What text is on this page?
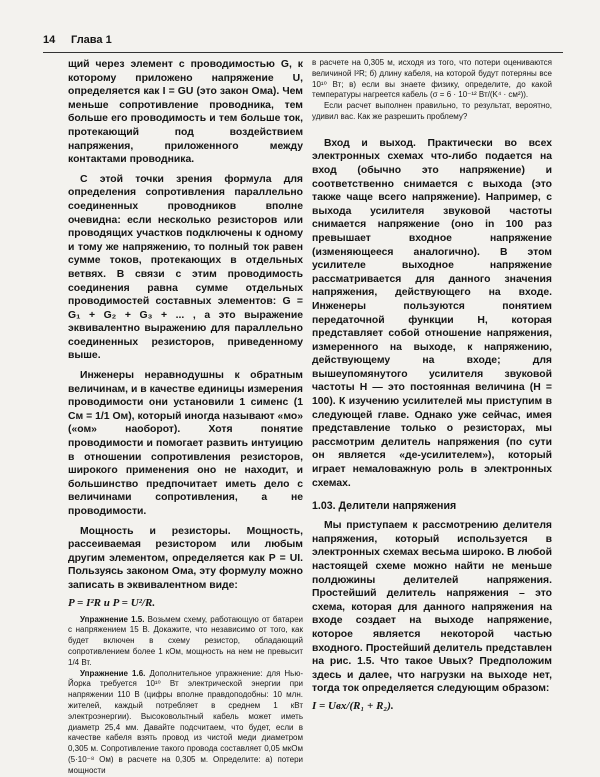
14 Глава 1

щий через элемент с проводимостью G, к которому приложено напряжение U, определяется как I = GU (это закон Ома). Чем меньше сопротивление проводника, тем больше его проводимость и тем больше ток, протекающий под воздействием напряжения, приложенного между контактами проводника.

С этой точки зрения формула для определения сопротивления параллельно соединенных проводников вполне очевидна: если несколько резисторов или проводящих участков подключены к одному и тому же напряжению, то полный ток равен сумме токов, протекающих в отдельных ветвях. В связи с этим проводимость соединения равна сумме отдельных проводимостей составных элементов: G = G₁ + G₂ + G₃ + ... , а это выражение эквивалентно выражению для параллельно соединенных резисторов, приведенному выше.

Инженеры неравнодушны к обратным величинам, и в качестве единицы измерения проводимости они установили 1 сименс (1 См = 1/1 Ом), который иногда называют «мо» («ом» наоборот). Хотя понятие проводимости и помогает развить интуицию в отношении сопротивления резисторов, широкого применения оно не находит, и большинство предпочитает иметь дело с величинами сопротивления, а не проводимости.

Мощность и резисторы. Мощность, рассеиваемая резистором или любым другим элементом, определяется как P = UI. Пользуясь законом Ома, эту формулу можно записать в эквивалентном виде:

P = I²R и P = U²/R.

Упражнение 1.5. Возьмем схему, работающую от батареи с напряжением 15 В. Докажите, что независимо от того, как будет включен в схему резистор, обладающий сопротивлением более 1 кОм, мощность на нем не превысит 1/4 Вт.

Упражнение 1.6. Дополнительное упражнение: для Нью-Йорка требуется 10¹⁰ Вт электрической энергии при напряжении 110 В (цифры вполне правдоподобны: 10 млн. жителей, каждый потребляет в среднем 1 кВт электроэнергии). Высоковольтный кабель может иметь диаметр 25,4 мм. Давайте подсчитаем, что будет, если в качестве кабеля взять провод из чистой меди диаметром 0,305 м. Сопротивление такого провода составляет 0,05 мкОм (5·10⁻⁸ Ом) в расчете на 0,305 м. Определите: а) потери мощности

в расчете на 0,305 м, исходя из того, что потери оцениваются величиной I²R; б) длину кабеля, на которой будут потеряны все 10¹⁰ Вт; в) если вы знаете физику, определите, до какой температуры нагреется кабель (σ = 6 · 10⁻¹² Вт/(K⁴ · см²)).

Если расчет выполнен правильно, то результат, вероятно, удивил вас. Как же разрешить проблему?

Вход и выход. Практически во всех электронных схемах что-либо подается на вход (обычно это напряжение) и соответственно снимается с выхода (это также чаще всего напряжение). Например, с выхода усилителя звуковой частоты снимается напряжение (оно in 100 раз превышает входное напряжение (изменяющееся аналогично). В этом усилителе выходное напряжение рассматривается для данного значения напряжения, действующего на входе. Инженеры пользуются понятием передаточной функции H, которая представляет собой отношение напряжения, измеренного на выходе, к напряжению, действующему на входе; для вышеупомянутого усилителя звуковой частоты H — это постоянная величина (H = 100). К изучению усилителей мы приступим в следующей главе. Однако уже сейчас, имея представление только о резисторах, мы рассмотрим делитель напряжения (по сути он является «де-усилителем»), который играет немаловажную роль в электронных схемах.

1.03. Делители напряжения

Мы приступаем к рассмотрению делителя напряжения, который используется в электронных схемах весьма широко. В любой настоящей схеме можно найти не меньше полдюжины делителей напряжения. Простейший делитель напряжения – это схема, которая для данного напряжения на входе создает на выходе напряжение, которое является некоторой частью входного. Простейший делитель представлен на рис. 1.5. Что такое Uвых? Предположим здесь и далее, что нагрузки на выходе нет, тогда ток определяется следующим образом:

I = Uвх/(R₁ + R₂).
